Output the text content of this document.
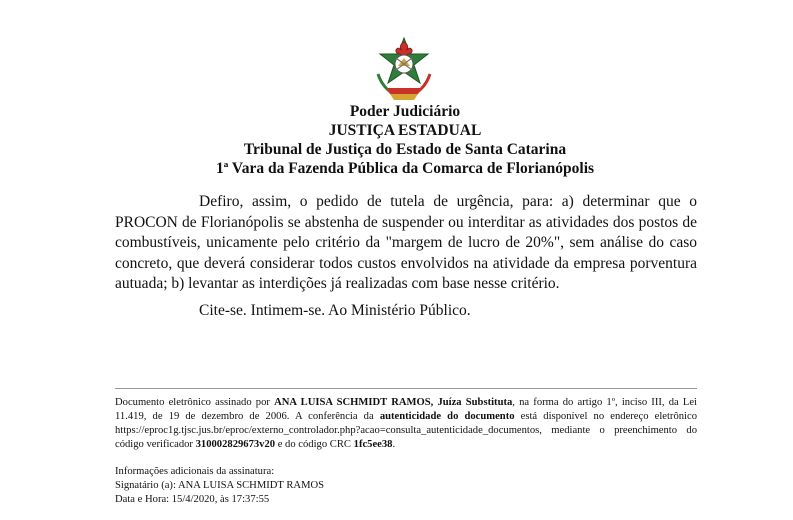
Poder Judiciário
JUSTIÇA ESTADUAL
Tribunal de Justiça do Estado de Santa Catarina
1ª Vara da Fazenda Pública da Comarca de Florianópolis

Defiro, assim, o pedido de tutela de urgência, para: a) determinar que o PROCON de Florianópolis se abstenha de suspender ou interditar as atividades dos postos de combustíveis, unicamente pelo critério da "margem de lucro de 20%", sem análise do caso concreto, que deverá considerar todos custos envolvidos na atividade da empresa porventura autuada; b) levantar as interdições já realizadas com base nesse critério.

Cite-se. Intimem-se. Ao Ministério Público.
Documento eletrônico assinado por ANA LUISA SCHMIDT RAMOS, Juíza Substituta, na forma do artigo 1º, inciso III, da Lei 11.419, de 19 de dezembro de 2006. A conferência da autenticidade do documento está disponível no endereço eletrônico https://eproc1g.tjsc.jus.br/eproc/externo_controlador.php?acao=consulta_autenticidade_documentos, mediante o preenchimento do código verificador 310002829673v20 e do código CRC 1fc5ee38.
Informações adicionais da assinatura:
Signatário (a): ANA LUISA SCHMIDT RAMOS
Data e Hora: 15/4/2020, às 17:37:55
